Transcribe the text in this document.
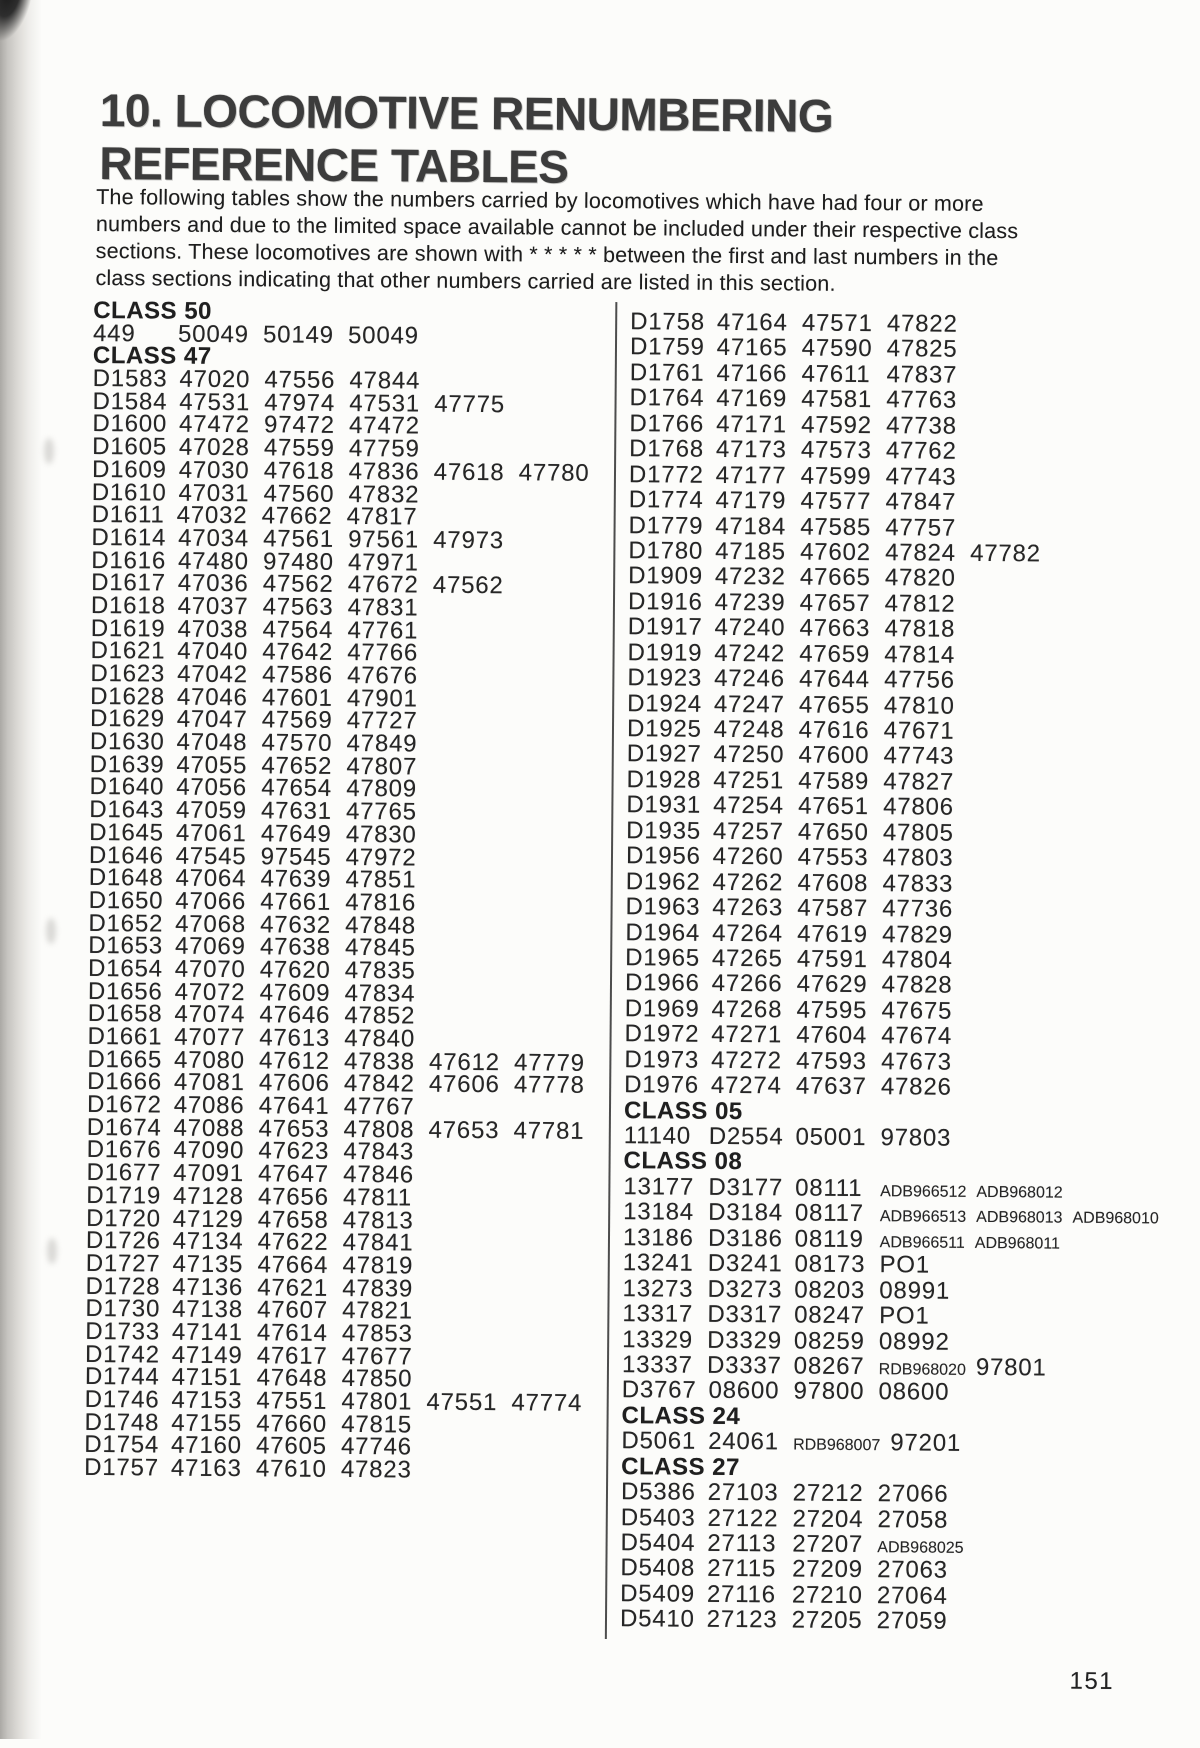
10. LOCOMOTIVE RENUMBERING
REFERENCE TABLES
The following tables show the numbers carried by locomotives which have had four or more
numbers and due to the limited space available cannot be included under their respective class
sections. These locomotives are shown with * * * * * between the first and last numbers in the
class sections indicating that other numbers carried are listed in this section.
CLASS 50
449 50049 50149 50049
CLASS 47
D1583 47020 47556 47844
D1584 47531 47974 47531 47775
D1600 47472 97472 47472
D1605 47028 47559 47759
D1609 47030 47618 47836 47618 47780
D1610 47031 47560 47832
D1611 47032 47662 47817
D1614 47034 47561 97561 47973
D1616 47480 97480 47971
D1617 47036 47562 47672 47562
D1618 47037 47563 47831
D1619 47038 47564 47761
D1621 47040 47642 47766
D1623 47042 47586 47676
D1628 47046 47601 47901
D1629 47047 47569 47727
D1630 47048 47570 47849
D1639 47055 47652 47807
D1640 47056 47654 47809
D1643 47059 47631 47765
D1645 47061 47649 47830
D1646 47545 97545 47972
D1648 47064 47639 47851
D1650 47066 47661 47816
D1652 47068 47632 47848
D1653 47069 47638 47845
D1654 47070 47620 47835
D1656 47072 47609 47834
D1658 47074 47646 47852
D1661 47077 47613 47840
D1665 47080 47612 47838 47612 47779
D1666 47081 47606 47842 47606 47778
D1672 47086 47641 47767
D1674 47088 47653 47808 47653 47781
D1676 47090 47623 47843
D1677 47091 47647 47846
D1719 47128 47656 47811
D1720 47129 47658 47813
D1726 47134 47622 47841
D1727 47135 47664 47819
D1728 47136 47621 47839
D1730 47138 47607 47821
D1733 47141 47614 47853
D1742 47149 47617 47677
D1744 47151 47648 47850
D1746 47153 47551 47801 47551 47774
D1748 47155 47660 47815
D1754 47160 47605 47746
D1757 47163 47610 47823
D1758 47164 47571 47822
D1759 47165 47590 47825
D1761 47166 47611 47837
D1764 47169 47581 47763
D1766 47171 47592 47738
D1768 47173 47573 47762
D1772 47177 47599 47743
D1774 47179 47577 47847
D1779 47184 47585 47757
D1780 47185 47602 47824 47782
D1909 47232 47665 47820
D1916 47239 47657 47812
D1917 47240 47663 47818
D1919 47242 47659 47814
D1923 47246 47644 47756
D1924 47247 47655 47810
D1925 47248 47616 47671
D1927 47250 47600 47743
D1928 47251 47589 47827
D1931 47254 47651 47806
D1935 47257 47650 47805
D1956 47260 47553 47803
D1962 47262 47608 47833
D1963 47263 47587 47736
D1964 47264 47619 47829
D1965 47265 47591 47804
D1966 47266 47629 47828
D1969 47268 47595 47675
D1972 47271 47604 47674
D1973 47272 47593 47673
D1976 47274 47637 47826
CLASS 05
11140 D2554 05001 97803
CLASS 08
13177 D3177 08111 ADB966512 ADB968012
13184 D3184 08117 ADB966513 ADB968013 ADB968010
13186 D3186 08119 ADB966511 ADB968011
13241 D3241 08173 PO1
13273 D3273 08203 08991
13317 D3317 08247 PO1
13329 D3329 08259 08992
13337 D3337 08267 RDB968020 97801
D3767 08600 97800 08600
CLASS 24
D5061 24061 RDB968007 97201
CLASS 27
D5386 27103 27212 27066
D5403 27122 27204 27058
D5404 27113 27207 ADB968025
D5408 27115 27209 27063
D5409 27116 27210 27064
D5410 27123 27205 27059
151
